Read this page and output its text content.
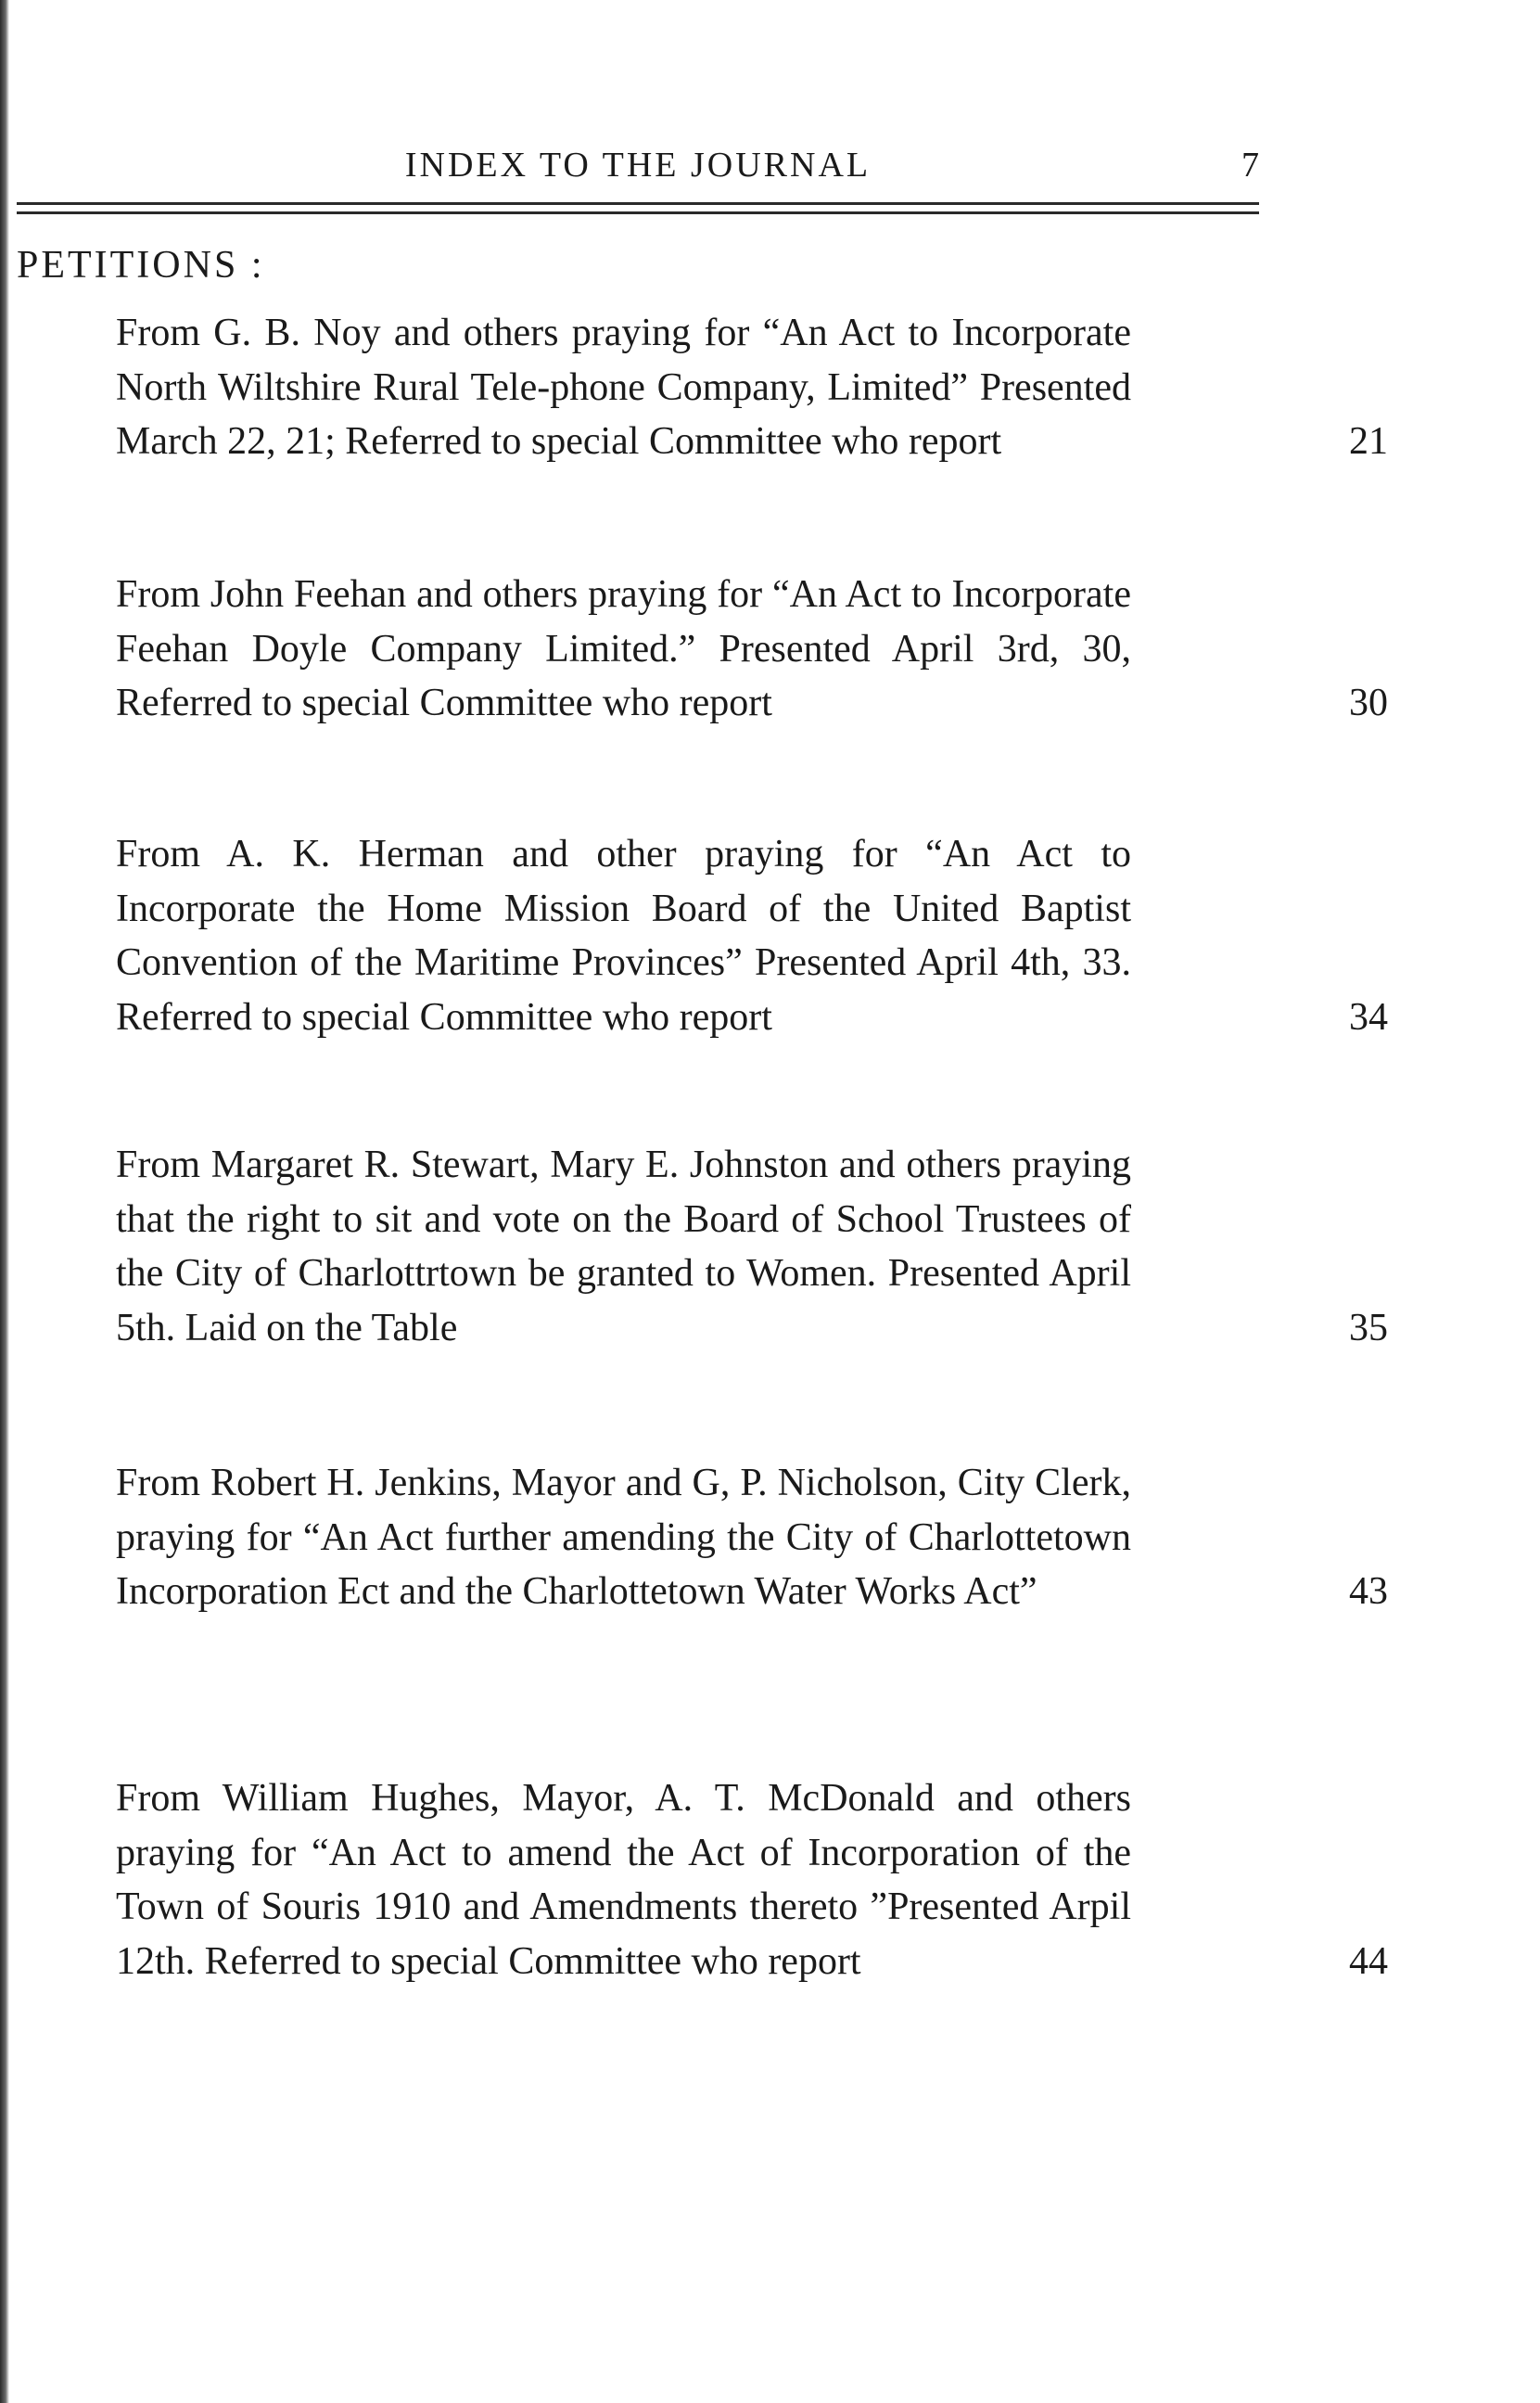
INDEX TO THE JOURNAL	7
PETITIONS :

From G. B. Noy and others praying for “An Act to Incorporate North Wiltshire Rural Tele-phone Company, Limited” Presented March 22, 21; Referred to special Committee who report	21

From John Feehan and others praying for “An Act to Incorporate Feehan Doyle Company Limited.” Presented April 3rd, 30, Referred to special Committee who report	30

From A. K. Herman and other praying for “An Act to Incorporate the Home Mission Board of the United Baptist Convention of the Maritime Provinces” Presented April 4th, 33. Referred to special Committee who report	34

From Margaret R. Stewart, Mary E. Johnston and others praying that the right to sit and vote on the Board of School Trustees of the City of Charlottrtown be granted to Women. Presented April 5th. Laid on the Table	35

From Robert H. Jenkins, Mayor and G, P. Nicholson, City Clerk, praying for “An Act further amending the City of Charlottetown Incorporation Ect and the Charlottetown Water Works Act”	43

From William Hughes, Mayor, A. T. McDonald and others praying for “An Act to amend the Act of Incorporation of the Town of Souris 1910 and Amendments thereto ”Presented Arpil 12th. Referred to special Committee who report	44
